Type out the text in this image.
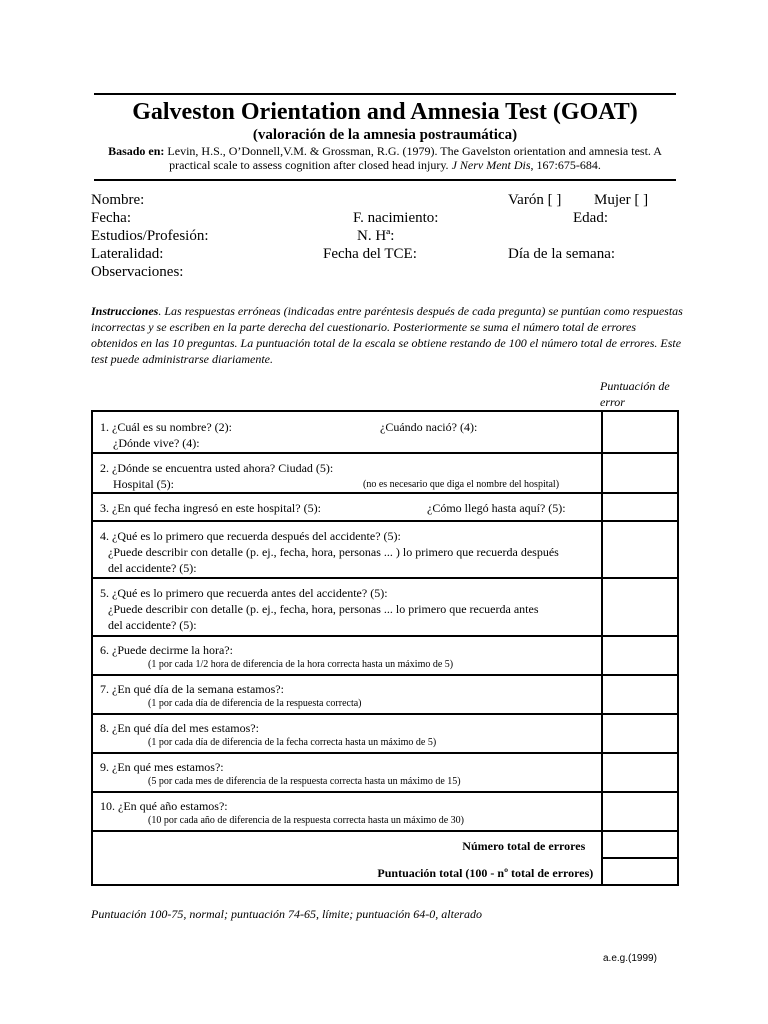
Galveston Orientation and Amnesia Test (GOAT)
(valoración de la amnesia postraumática)
Basado en: Levin, H.S., O’Donnell,V.M. & Grossman, R.G. (1979). The Gavelston orientation and amnesia test. A practical scale to assess cognition after closed head injury. J Nerv Ment Dis, 167:675-684.
Nombre:	Varón [ ] Mujer [ ]
Fecha:	F. nacimiento:	Edad:
Estudios/Profesión:	N. Hª:
Lateralidad:	Fecha del TCE:	Día de la semana:
Observaciones:
Instrucciones. Las respuestas erróneas (indicadas entre paréntesis después de cada pregunta) se puntúan como respuestas incorrectas y se escriben en la parte derecha del cuestionario. Posteriormente se suma el número total de errores obtenidos en las 10 preguntas. La puntuación total de la escala se obtiene restando de 100 el número total de errores. Este test puede administrarse diariamente.
Puntuación de error
1. ¿Cuál es su nombre? (2): ¿Cuándo nació? (4):
¿Dónde vive? (4):	

2. ¿Dónde se encuentra usted ahora? Ciudad (5):
Hospital (5): (no es necesario que diga el nombre del hospital)	

3. ¿En qué fecha ingresó en este hospital? (5): ¿Cómo llegó hasta aquí? (5):	

4. ¿Qué es lo primero que recuerda después del accidente? (5):
¿Puede describir con detalle (p. ej., fecha, hora, personas ... ) lo primero que recuerda después
del accidente? (5):	

5. ¿Qué es lo primero que recuerda antes del accidente? (5):
¿Puede describir con detalle (p. ej., fecha, hora, personas ... lo primero que recuerda antes
del accidente? (5):	

6. ¿Puede decirme la hora?:
(1 por cada 1/2 hora de diferencia de la hora correcta hasta un máximo de 5)	

7. ¿En qué día de la semana estamos?:
(1 por cada día de diferencia de la respuesta correcta)	

8. ¿En qué día del mes estamos?:
(1 por cada día de diferencia de la fecha correcta hasta un máximo de 5)	

9. ¿En qué mes estamos?:
(5 por cada mes de diferencia de la respuesta correcta hasta un máximo de 15)	

10. ¿En qué año estamos?:
(10 por cada año de diferencia de la respuesta correcta hasta un máximo de 30)	

Número total de errores	

Puntuación total (100 - nº total de errores)	

Puntuación 100-75, normal; puntuación 74-65, límite; puntuación 64-0, alterado
a.e.g.(1999)
